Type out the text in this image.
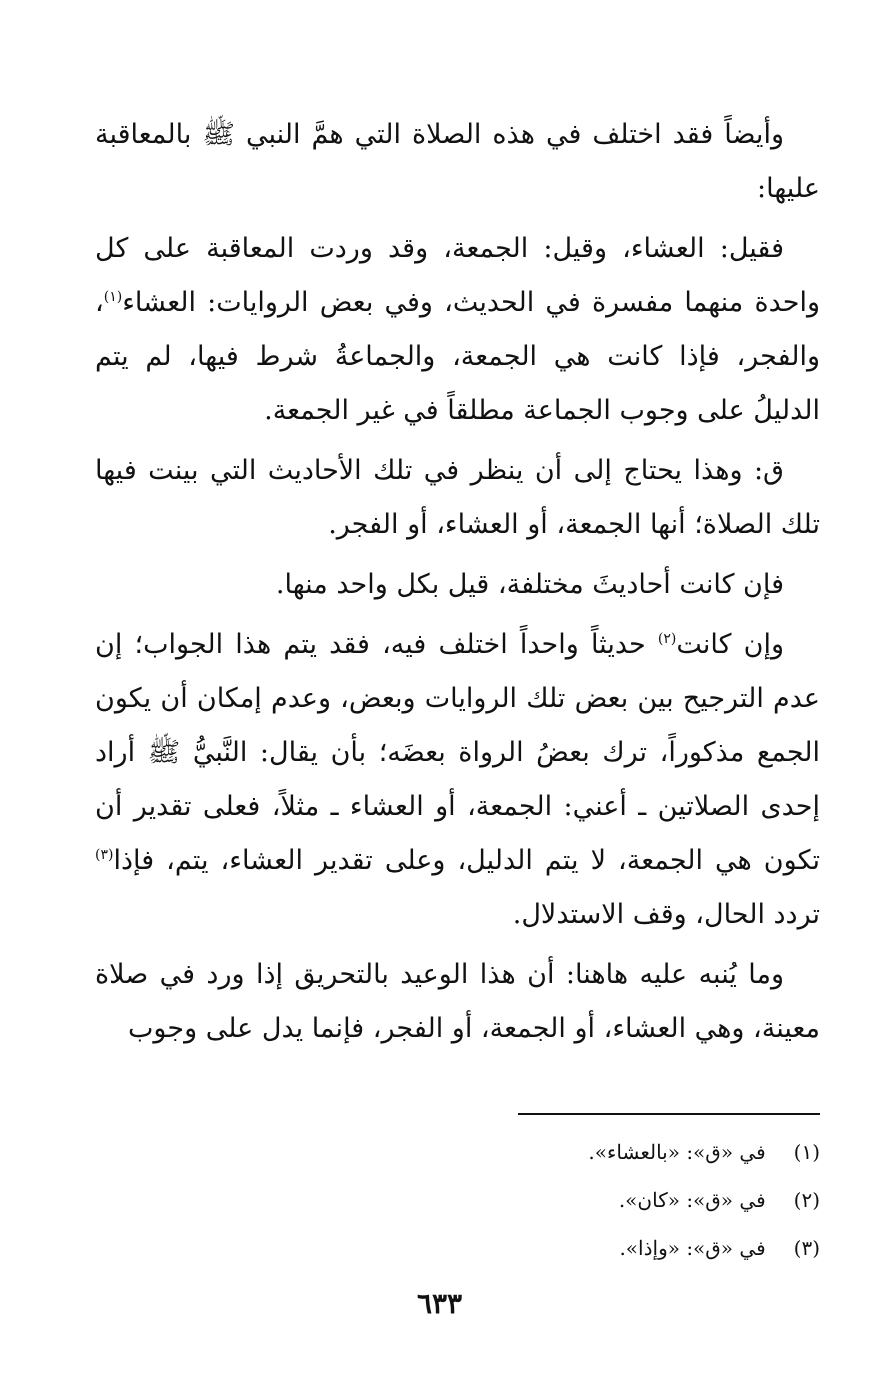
وأيضاً فقد اختلف في هذه الصلاة التي همَّ النبي ﷺ بالمعاقبة عليها:

فقيل: العشاء، وقيل: الجمعة، وقد وردت المعاقبة على كل واحدة منهما مفسرة في الحديث، وفي بعض الروايات: العشاء$^{(١)}$، والفجر، فإذا كانت هي الجمعة، والجماعةُ شرط فيها، لم يتم الدليلُ على وجوب الجماعة مطلقاً في غير الجمعة.

ق: وهذا يحتاج إلى أن ينظر في تلك الأحاديث التي بينت فيها تلك الصلاة؛ أنها الجمعة، أو العشاء، أو الفجر.

فإن كانت أحاديثَ مختلفة، قيل بكل واحد منها.

وإن كانت$^{(٢)}$ حديثاً واحداً اختلف فيه، فقد يتم هذا الجواب؛ إن عدم الترجيح بين بعض تلك الروايات وبعض، وعدم إمكان أن يكون الجمع مذكوراً، ترك بعضُ الرواة بعضَه؛ بأن يقال: النَّبيُّ ﷺ أراد إحدى الصلاتين ـ أعني: الجمعة، أو العشاء ـ مثلاً، فعلى تقدير أن تكون هي الجمعة، لا يتم الدليل، وعلى تقدير العشاء، يتم، فإذا$^{(٣)}$ تردد الحال، وقف الاستدلال.

وما يُنبه عليه هاهنا: أن هذا الوعيد بالتحريق إذا ورد في صلاة معينة، وهي العشاء، أو الجمعة، أو الفجر، فإنما يدل على وجوب

(١) في «ق»: «بالعشاء».
(٢) في «ق»: «كان».
(٣) في «ق»: «وإذا».
٦٣٣
